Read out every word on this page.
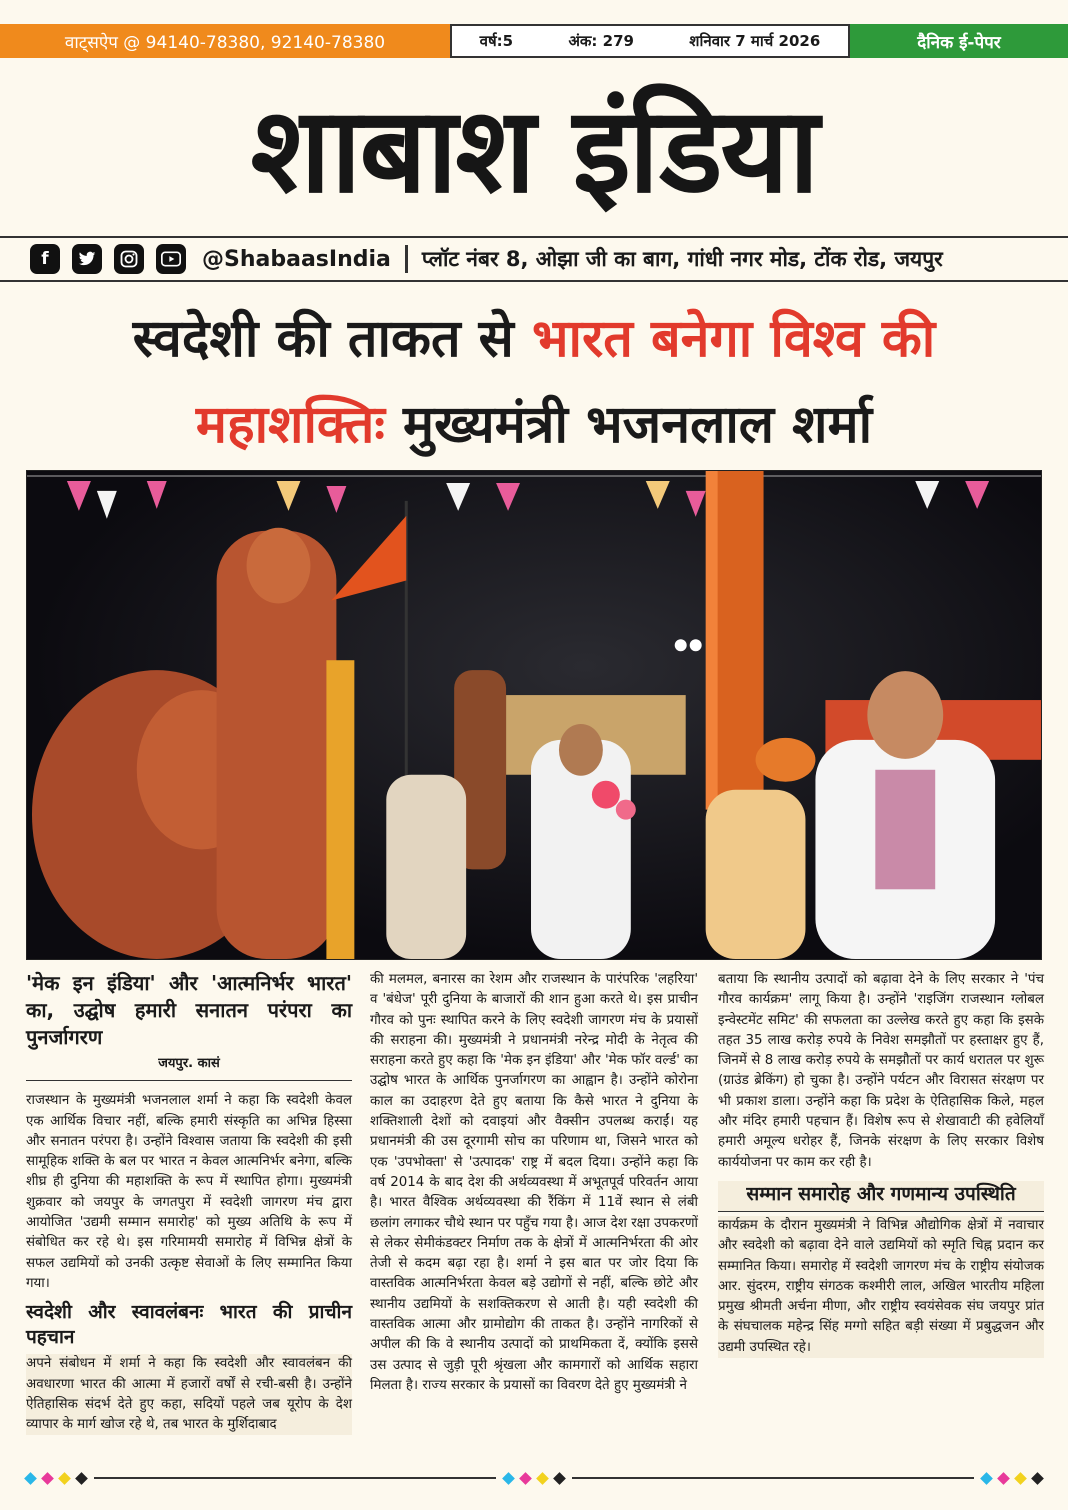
वाट्सऐप @ 94140-78380, 92140-78380	वर्ष:5	अंक: 279	शनिवार 7 मार्च 2026	दैनिक ई-पेपर
शाबाश इंडिया
f	@ShabaasIndia प्लॉट नंबर 8, ओझा जी का बाग, गांधी नगर मोड, टोंक रोड, जयपुर
स्वदेशी की ताकत से भारत बनेगा विश्व की
महाशक्तिः मुख्यमंत्री भजनलाल शर्मा
'मेक इन इंडिया' और 'आत्मनिर्भर भारत' का, उद्घोष हमारी सनातन परंपरा का पुनर्जागरण
जयपुर. कासं

राजस्थान के मुख्यमंत्री भजनलाल शर्मा ने कहा कि स्वदेशी केवल एक आर्थिक विचार नहीं, बल्कि हमारी संस्कृति का अभिन्न हिस्सा और सनातन परंपरा है। उन्होंने विश्वास जताया कि स्वदेशी की इसी सामूहिक शक्ति के बल पर भारत न केवल आत्मनिर्भर बनेगा, बल्कि शीघ्र ही दुनिया की महाशक्ति के रूप में स्थापित होगा। मुख्यमंत्री शुक्रवार को जयपुर के जगतपुरा में स्वदेशी जागरण मंच द्वारा आयोजित 'उद्यमी सम्मान समारोह' को मुख्य अतिथि के रूप में संबोधित कर रहे थे। इस गरिमामयी समारोह में विभिन्न क्षेत्रों के सफल उद्यमियों को उनकी उत्कृष्ट सेवाओं के लिए सम्मानित किया गया।

स्वदेशी और स्वावलंबनः भारत की प्राचीन पहचान

अपने संबोधन में शर्मा ने कहा कि स्वदेशी और स्वावलंबन की अवधारणा भारत की आत्मा में हजारों वर्षों से रची-बसी है। उन्होंने ऐतिहासिक संदर्भ देते हुए कहा, सदियों पहले जब यूरोप के देश व्यापार के मार्ग खोज रहे थे, तब भारत के मुर्शिदाबाद

की मलमल, बनारस का रेशम और राजस्थान के पारंपरिक 'लहरिया' व 'बंधेज' पूरी दुनिया के बाजारों की शान हुआ करते थे। इस प्राचीन गौरव को पुनः स्थापित करने के लिए स्वदेशी जागरण मंच के प्रयासों की सराहना की। मुख्यमंत्री ने प्रधानमंत्री नरेन्द्र मोदी के नेतृत्व की सराहना करते हुए कहा कि 'मेक इन इंडिया' और 'मेक फॉर वर्ल्ड' का उद्घोष भारत के आर्थिक पुनर्जागरण का आह्वान है। उन्होंने कोरोना काल का उदाहरण देते हुए बताया कि कैसे भारत ने दुनिया के शक्तिशाली देशों को दवाइयां और वैक्सीन उपलब्ध कराईं। यह प्रधानमंत्री की उस दूरगामी सोच का परिणाम था, जिसने भारत को एक 'उपभोक्ता' से 'उत्पादक' राष्ट्र में बदल दिया। उन्होंने कहा कि वर्ष 2014 के बाद देश की अर्थव्यवस्था में अभूतपूर्व परिवर्तन आया है। भारत वैश्विक अर्थव्यवस्था की रैंकिंग में 11वें स्थान से लंबी छलांग लगाकर चौथे स्थान पर पहुँच गया है। आज देश रक्षा उपकरणों से लेकर सेमीकंडक्टर निर्माण तक के क्षेत्रों में आत्मनिर्भरता की ओर तेजी से कदम बढ़ा रहा है। शर्मा ने इस बात पर जोर दिया कि वास्तविक आत्मनिर्भरता केवल बड़े उद्योगों से नहीं, बल्कि छोटे और स्थानीय उद्यमियों के सशक्तिकरण से आती है। यही स्वदेशी की वास्तविक आत्मा और ग्रामोद्योग की ताकत है। उन्होंने नागरिकों से अपील की कि वे स्थानीय उत्पादों को प्राथमिकता दें, क्योंकि इससे उस उत्पाद से जुड़ी पूरी श्रृंखला और कामगारों को आर्थिक सहारा मिलता है। राज्य सरकार के प्रयासों का विवरण देते हुए मुख्यमंत्री ने

बताया कि स्थानीय उत्पादों को बढ़ावा देने के लिए सरकार ने 'पंच गौरव कार्यक्रम' लागू किया है। उन्होंने 'राइजिंग राजस्थान ग्लोबल इन्वेस्टमेंट समिट' की सफलता का उल्लेख करते हुए कहा कि इसके तहत 35 लाख करोड़ रुपये के निवेश समझौतों पर हस्ताक्षर हुए हैं, जिनमें से 8 लाख करोड़ रुपये के समझौतों पर कार्य धरातल पर शुरू (ग्राउंड ब्रेकिंग) हो चुका है। उन्होंने पर्यटन और विरासत संरक्षण पर भी प्रकाश डाला। उन्होंने कहा कि प्रदेश के ऐतिहासिक किले, महल और मंदिर हमारी पहचान हैं। विशेष रूप से शेखावाटी की हवेलियाँ हमारी अमूल्य धरोहर हैं, जिनके संरक्षण के लिए सरकार विशेष कार्ययोजना पर काम कर रही है।

सम्मान समारोह और गणमान्य उपस्थिति

कार्यक्रम के दौरान मुख्यमंत्री ने विभिन्न औद्योगिक क्षेत्रों में नवाचार और स्वदेशी को बढ़ावा देने वाले उद्यमियों को स्मृति चिह्न प्रदान कर सम्मानित किया। समारोह में स्वदेशी जागरण मंच के राष्ट्रीय संयोजक आर. सुंदरम, राष्ट्रीय संगठक कश्मीरी लाल, अखिल भारतीय महिला प्रमुख श्रीमती अर्चना मीणा, और राष्ट्रीय स्वयंसेवक संघ जयपुर प्रांत के संघचालक महेन्द्र सिंह मग्गो सहित बड़ी संख्या में प्रबुद्धजन और उद्यमी उपस्थित रहे।
